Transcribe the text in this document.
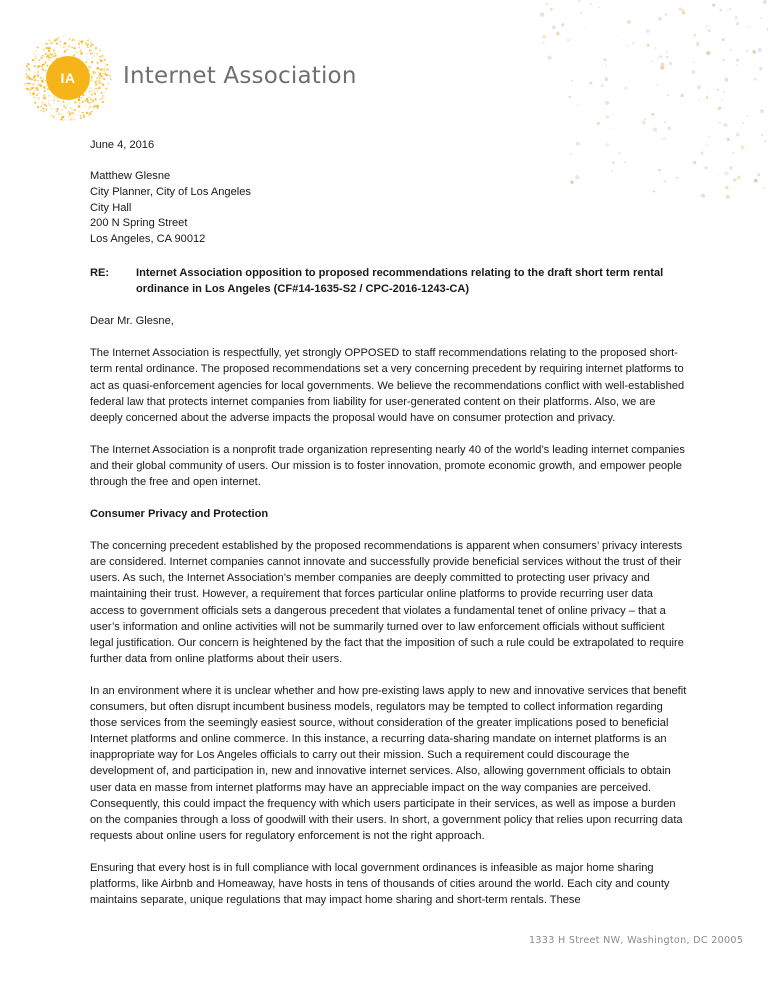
IA	Internet Association
June 4, 2016
Matthew Glesne
City Planner, City of Los Angeles
City Hall
200 N Spring Street
Los Angeles, CA 90012
RE:	Internet Association opposition to proposed recommendations relating to the draft short term rental ordinance in Los Angeles (CF#14-1635-S2 / CPC-2016-1243-CA)
Dear Mr. Glesne,

The Internet Association is respectfully, yet strongly OPPOSED to staff recommendations relating to the proposed short-term rental ordinance. The proposed recommendations set a very concerning precedent by requiring internet platforms to act as quasi-enforcement agencies for local governments. We believe the recommendations conflict with well-established federal law that protects internet companies from liability for user-generated content on their platforms. Also, we are deeply concerned about the adverse impacts the proposal would have on consumer protection and privacy.

The Internet Association is a nonprofit trade organization representing nearly 40 of the world’s leading internet companies and their global community of users. Our mission is to foster innovation, promote economic growth, and empower people through the free and open internet.

Consumer Privacy and Protection

The concerning precedent established by the proposed recommendations is apparent when consumers’ privacy interests are considered. Internet companies cannot innovate and successfully provide beneficial services without the trust of their users. As such, the Internet Association’s member companies are deeply committed to protecting user privacy and maintaining their trust. However, a requirement that forces particular online platforms to provide recurring user data access to government officials sets a dangerous precedent that violates a fundamental tenet of online privacy – that a user’s information and online activities will not be summarily turned over to law enforcement officials without sufficient legal justification. Our concern is heightened by the fact that the imposition of such a rule could be extrapolated to require further data from online platforms about their users.

In an environment where it is unclear whether and how pre-existing laws apply to new and innovative services that benefit consumers, but often disrupt incumbent business models, regulators may be tempted to collect information regarding those services from the seemingly easiest source, without consideration of the greater implications posed to beneficial Internet platforms and online commerce. In this instance, a recurring data-sharing mandate on internet platforms is an inappropriate way for Los Angeles officials to carry out their mission. Such a requirement could discourage the development of, and participation in, new and innovative internet services. Also, allowing government officials to obtain user data en masse from internet platforms may have an appreciable impact on the way companies are perceived. Consequently, this could impact the frequency with which users participate in their services, as well as impose a burden on the companies through a loss of goodwill with their users. In short, a government policy that relies upon recurring data requests about online users for regulatory enforcement is not the right approach.

Ensuring that every host is in full compliance with local government ordinances is infeasible as major home sharing platforms, like Airbnb and Homeaway, have hosts in tens of thousands of cities around the world. Each city and county maintains separate, unique regulations that may impact home sharing and short-term rentals. These

1333 H Street NW, Washington, DC 20005
